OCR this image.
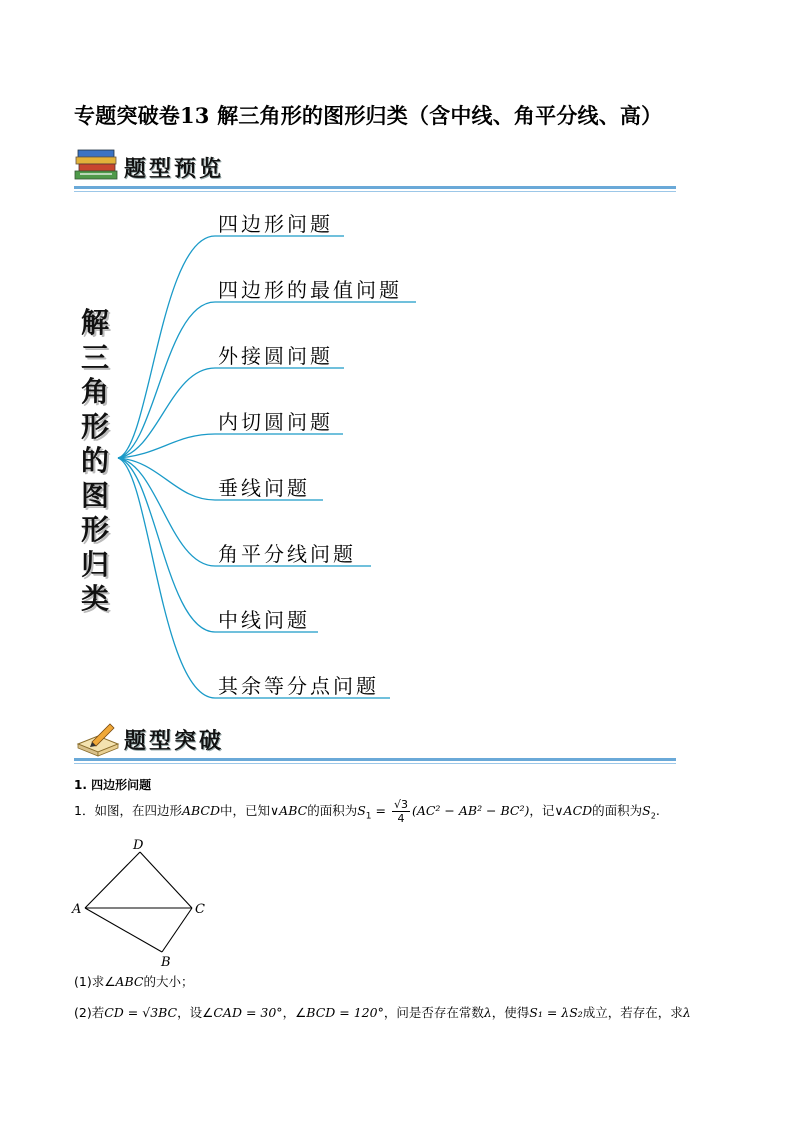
专题突破卷13 解三角形的图形归类（含中线、角平分线、高）
题型预览
解
三
角
形
的
图
形
归
类
四边形问题
四边形的最值问题
外接圆问题
内切圆问题
垂线问题
角平分线问题
中线问题
其余等分点问题
题型突破
1. 四边形问题
1．如图，在四边形ABCD中，已知∨ABC的面积为$S_1 = \frac{√3}{4} (AC^2 - AB^2 - BC^2)$，记∨ACD的面积为$S_2$.
D
A	C
B
(1)求∠ABC的大小；
(2)若CD = √3BC，设∠CAD = 30°，∠BCD = 120°，问是否存在常数λ，使得S₁ = λS₂成立，若存在，求λ
